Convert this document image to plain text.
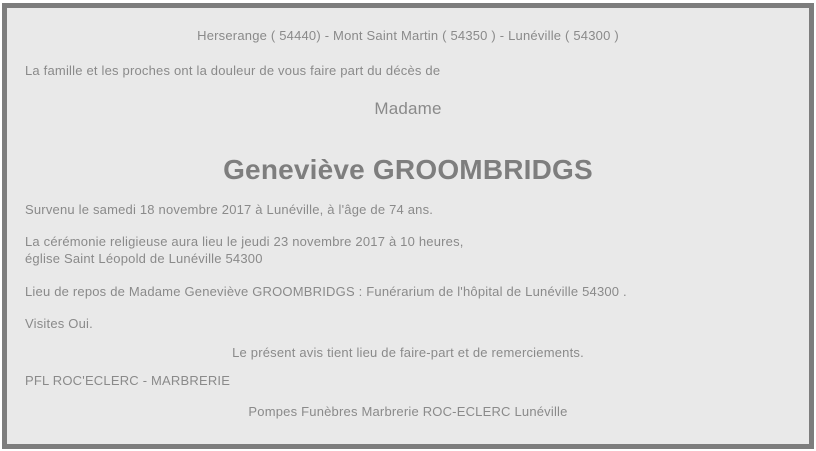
Herserange ( 54440) - Mont Saint Martin ( 54350 ) - Lunéville ( 54300 )

La famille et les proches ont la douleur de vous faire part du décès de

Madame

Geneviève GROOMBRIDGS

Survenu le samedi 18 novembre 2017 à Lunéville, à l'âge de 74 ans.

La cérémonie religieuse aura lieu le jeudi 23 novembre 2017 à 10 heures,
église Saint Léopold de Lunéville 54300

Lieu de repos de Madame Geneviève GROOMBRIDGS : Funérarium de l'hôpital de Lunéville 54300 .

Visites Oui.

Le présent avis tient lieu de faire-part et de remerciements.

PFL ROC'ECLERC - MARBRERIE

Pompes Funèbres Marbrerie ROC-ECLERC Lunéville
